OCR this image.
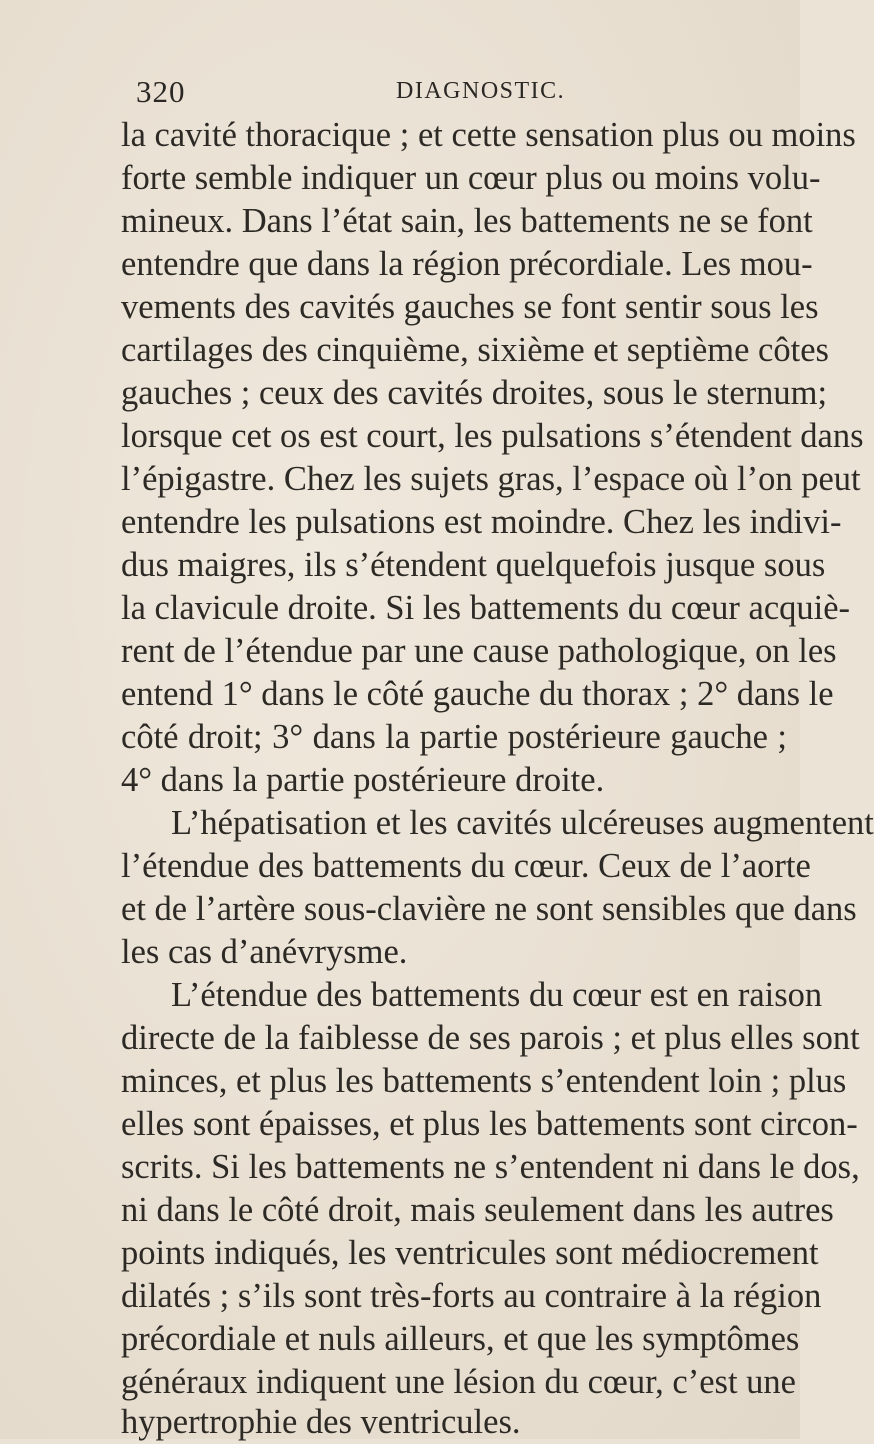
320	DIAGNOSTIC.
la cavité thoracique ; et cette sensation plus ou moins
forte semble indiquer un cœur plus ou moins volu-
mineux. Dans l’état sain, les battements ne se font
entendre que dans la région précordiale. Les mou-
vements des cavités gauches se font sentir sous les
cartilages des cinquième, sixième et septième côtes
gauches ; ceux des cavités droites, sous le sternum;
lorsque cet os est court, les pulsations s’étendent dans
l’épigastre. Chez les sujets gras, l’espace où l’on peut
entendre les pulsations est moindre. Chez les indivi-
dus maigres, ils s’étendent quelquefois jusque sous
la clavicule droite. Si les battements du cœur acquiè-
rent de l’étendue par une cause pathologique, on les
entend 1° dans le côté gauche du thorax ; 2° dans le
côté droit; 3° dans la partie postérieure gauche ;
4° dans la partie postérieure droite.
L’hépatisation et les cavités ulcéreuses augmentent
l’étendue des battements du cœur. Ceux de l’aorte
et de l’artère sous-clavière ne sont sensibles que dans
les cas d’anévrysme.
L’étendue des battements du cœur est en raison
directe de la faiblesse de ses parois ; et plus elles sont
minces, et plus les battements s’entendent loin ; plus
elles sont épaisses, et plus les battements sont circon-
scrits. Si les battements ne s’entendent ni dans le dos,
ni dans le côté droit, mais seulement dans les autres
points indiqués, les ventricules sont médiocrement
dilatés ; s’ils sont très-forts au contraire à la région
précordiale et nuls ailleurs, et que les symptômes
généraux indiquent une lésion du cœur, c’est une
hypertrophie des ventricules.
